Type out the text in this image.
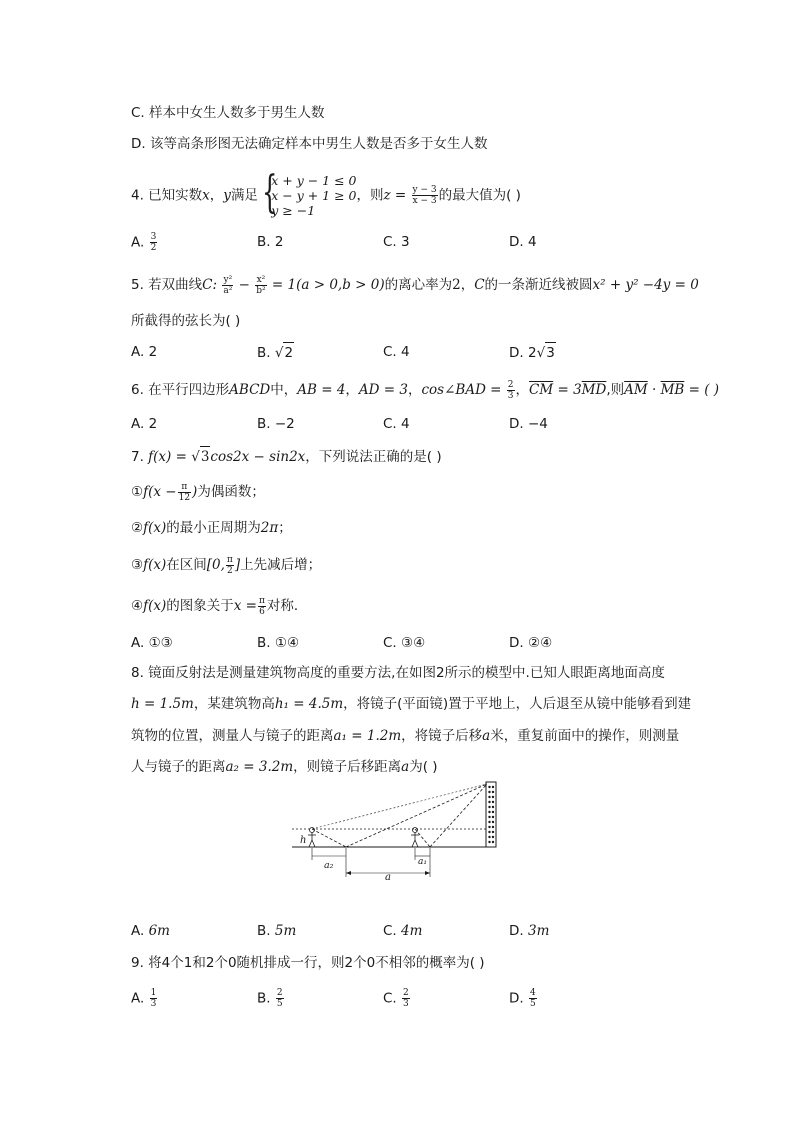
C. 样本中女生人数多于男生人数
D. 该等高条形图无法确定样本中男生人数是否多于女生人数
4. 已知实数x，y满足 {
x + y − 1 ≤ 0
x − y + 1 ≥ 0
y ≥ −1
，则$z = \frac{y - 3}{x - 3}$ 的最大值为( )
A. $\frac{3}{2}$	B. 2	C. 3	D. 4
5. 若双曲线C: $\frac{\text{y²}}{\text{a²}} - \frac{\text{x²}}{\text{b²}} = 1(a > 0,b > 0)$的离心率为2，C的一条渐近线被圆x² + y² −4y = 0
所截得的弦长为( )
A. 2	B. √2	C. 4	D. 2√3
6. 在平行四边形ABCD中，AB = 4，AD = 3，cos∠BAD = $\frac{2}{3}$ ，$\overline{CM} = 3\overline{MD}$,则$\overline{AM} \cdot \overline{MB}$ = ( )
A. 2	B. −2	C. 4	D. −4
7. f(x) = √3cos2x − sin2x，下列说法正确的是( )
①f(x − $\frac{\pi}{12}$ )为偶函数；
②f(x)的最小正周期为2π；
③f(x)在区间[0, $\frac{\pi}{2}$ ]上先减后增；
④f(x)的图象关于$x = \frac{\pi}{6}$ 对称．
A. ①③	B. ①④	C. ③④	D. ②④
8. 镜面反射法是测量建筑物高度的重要方法,在如图2所示的模型中.已知人眼距离地面高度
h = 1.5m，某建筑物高h₁ = 4.5m，将镜子(平面镜)置于平地上，人后退至从镜中能够看到建
筑物的位置，测量人与镜子的距离a₁ = 1.2m，将镜子后移a米，重复前面中的操作，则测量
人与镜子的距离a₂ = 3.2m，则镜子后移距离a为( )
h
a₂	a₁
a
A. 6m	B. 5m	C. 4m	D. 3m
9. 将4个1和2个0随机排成一行，则2个0不相邻的概率为( )
A. $\frac{1}{3}$	B. $\frac{2}{5}$	C. $\frac{2}{3}$	D. $\frac{4}{5}$
